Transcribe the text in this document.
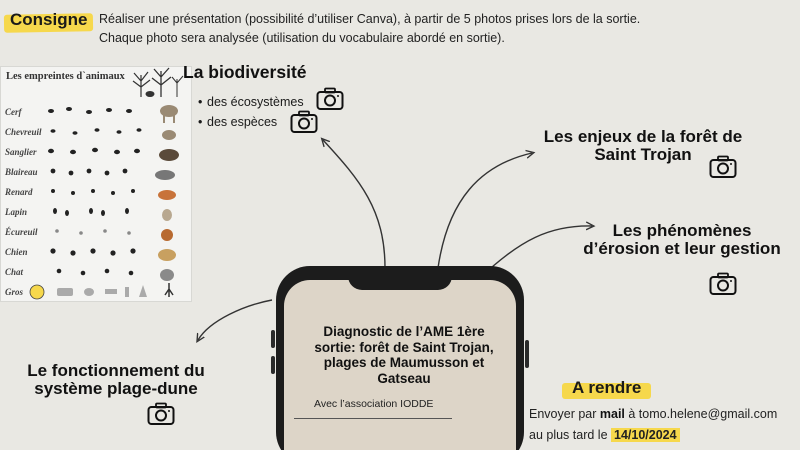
Consigne Réaliser une présentation (possibilité d’utiliser Canva), à partir de 5 photos prises lors de la sortie.
Chaque photo sera analysée (utilisation du vocabulaire abordé en sortie).
Les empreintes d`animaux
Cerf
Chevreuil
Sanglier
Blaireau
Renard
Lapin
Écureuil
Chien
Chat
Gros
La biodiversité
• des écosystèmes
• des espèces
Les enjeux de la forêt de Saint Trojan
Les phénomènes d’érosion et leur gestion
Le fonctionnement du système plage-dune
Diagnostic de l’AME 1ère sortie: forêt de Saint Trojan, plages de Maumusson et Gatseau
Avec l’association IODDE
A rendre
Envoyer par mail à tomo.helene@gmail.com
au plus tard le 14/10/2024
